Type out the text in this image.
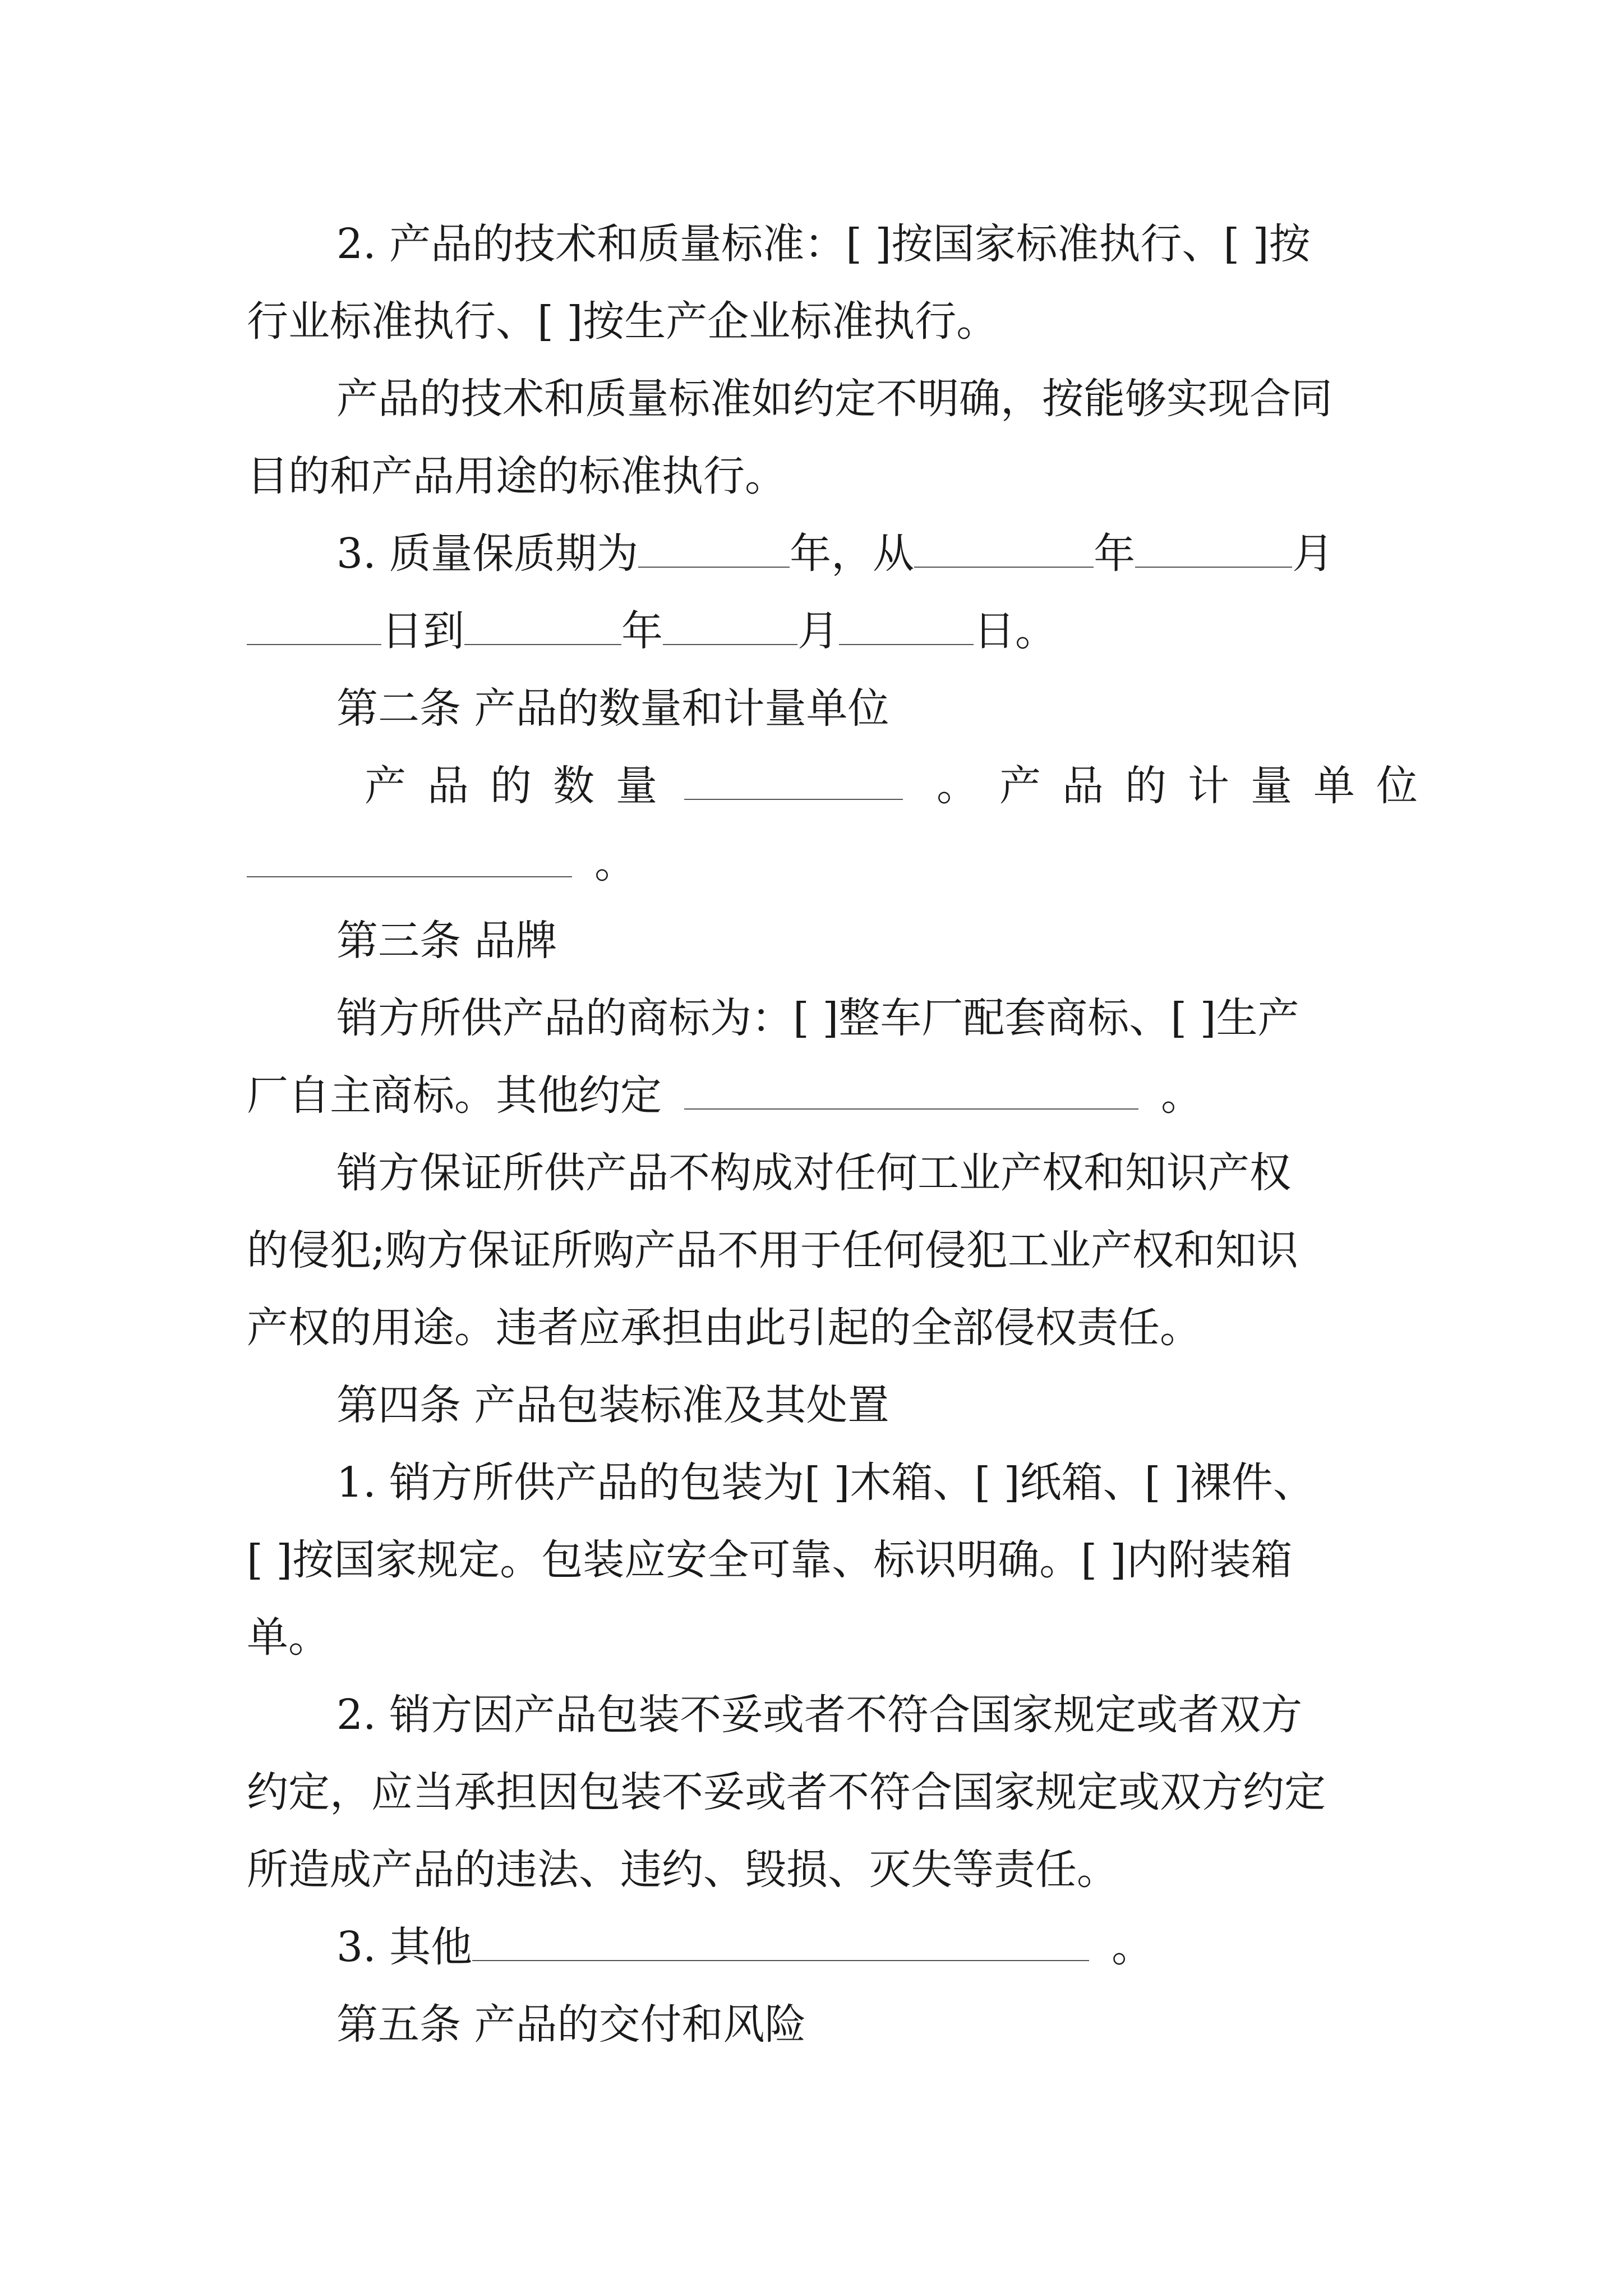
2. 产品的技术和质量标准：[ ]按国家标准执行、[ ]按
行业标准执行、[ ]按生产企业标准执行。
产品的技术和质量标准如约定不明确，按能够实现合同
目的和产品用途的标准执行。
3. 质量保质期为	年，从	年	月
日到	年	月	日。
第二条 产品的数量和计量单位
产品的数量	。产品的计量单位
。
第三条 品牌
销方所供产品的商标为：[ ]整车厂配套商标、[ ]生产
厂自主商标。其他约定	。
销方保证所供产品不构成对任何工业产权和知识产权
的侵犯;购方保证所购产品不用于任何侵犯工业产权和知识
产权的用途。违者应承担由此引起的全部侵权责任。
第四条 产品包装标准及其处置
1. 销方所供产品的包装为[ ]木箱、[ ]纸箱、[ ]裸件、
[ ]按国家规定。包装应安全可靠、标识明确。[ ]内附装箱
单。
2. 销方因产品包装不妥或者不符合国家规定或者双方
约定，应当承担因包装不妥或者不符合国家规定或双方约定
所造成产品的违法、违约、毁损、灭失等责任。
3. 其他	。
第五条 产品的交付和风险
